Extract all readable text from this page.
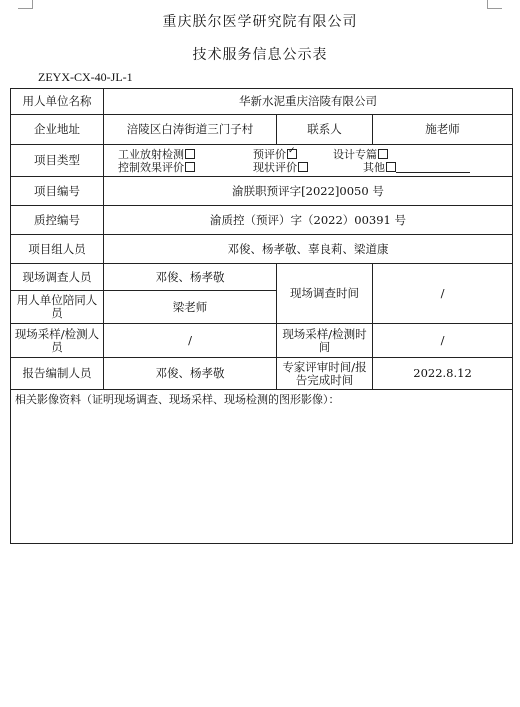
重庆朕尔医学研究院有限公司
技术服务信息公示表
ZEYX-CX-40-JL-1
用人单位名称	华新水泥重庆涪陵有限公司		
企业地址	涪陵区白涛街道三门子村	联系人	施老师
项目类型	工业放射检测 预评价 ✓ 设计专篇
控制效果评价 现状评价 其他

项目编号	渝朕职预评字[2022]0050 号		
质控编号	渝质控（预评）字（2022）00391 号		
项目组人员	邓俊、杨孝敬、辜良莉、梁道康		
现场调查人员	邓俊、杨孝敬	现场调查时间	/
用人单位陪同人员	梁老师		
现场采样/检测人员	/	现场采样/检测时间	/
报告编制人员	邓俊、杨孝敬	专家评审时间/报告完成时间	2022.8.12
相关影像资料（证明现场调查、现场采样、现场检测的图形影像）：			
